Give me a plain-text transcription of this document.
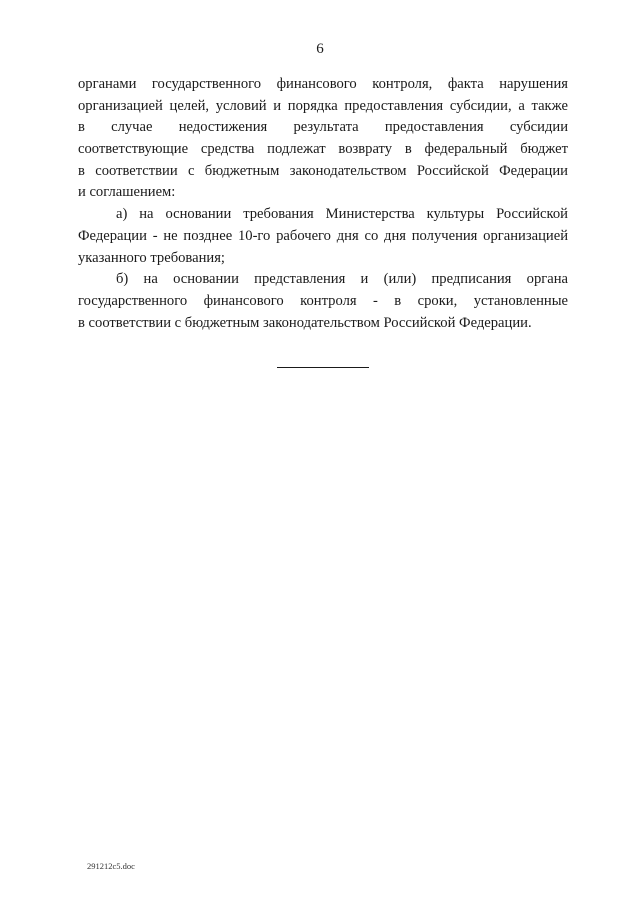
6
органами государственного финансового контроля, факта нарушения
организацией целей, условий и порядка предоставления субсидии, а также
в случае недостижения результата предоставления субсидии
соответствующие средства подлежат возврату в федеральный бюджет
в соответствии с бюджетным законодательством Российской Федерации
и соглашением:
а) на основании требования Министерства культуры Российской
Федерации - не позднее 10-го рабочего дня со дня получения организацией
указанного требования;
б) на основании представления и (или) предписания органа
государственного финансового контроля - в сроки, установленные
в соответствии с бюджетным законодательством Российской Федерации.
291212c5.doc
